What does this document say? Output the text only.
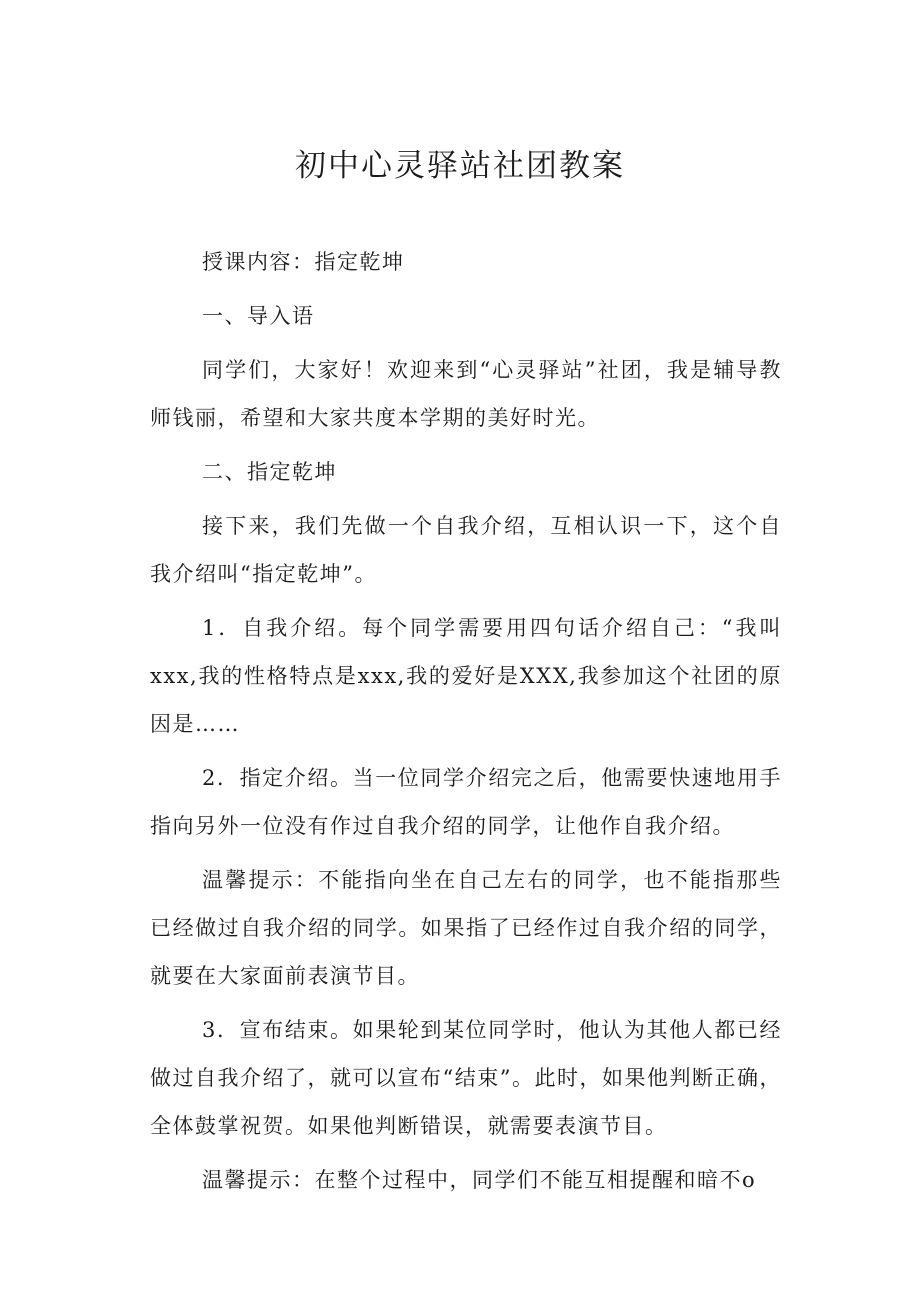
初中心灵驿站社团教案

授课内容：指定乾坤

一、导入语

同学们，大家好！欢迎来到“心灵驿站”社团，我是辅导教师钱丽，希望和大家共度本学期的美好时光。

二、指定乾坤

接下来，我们先做一个自我介绍，互相认识一下，这个自我介绍叫“指定乾坤”。

1．自我介绍。每个同学需要用四句话介绍自己：“我叫xxx,我的性格特点是xxx,我的爱好是XXX,我参加这个社团的原因是……

2．指定介绍。当一位同学介绍完之后，他需要快速地用手指向另外一位没有作过自我介绍的同学，让他作自我介绍。

温馨提示：不能指向坐在自己左右的同学，也不能指那些已经做过自我介绍的同学。如果指了已经作过自我介绍的同学，就要在大家面前表演节目。

3．宣布结束。如果轮到某位同学时，他认为其他人都已经做过自我介绍了，就可以宣布“结束”。此时，如果他判断正确，全体鼓掌祝贺。如果他判断错误，就需要表演节目。

温馨提示：在整个过程中，同学们不能互相提醒和暗不o
